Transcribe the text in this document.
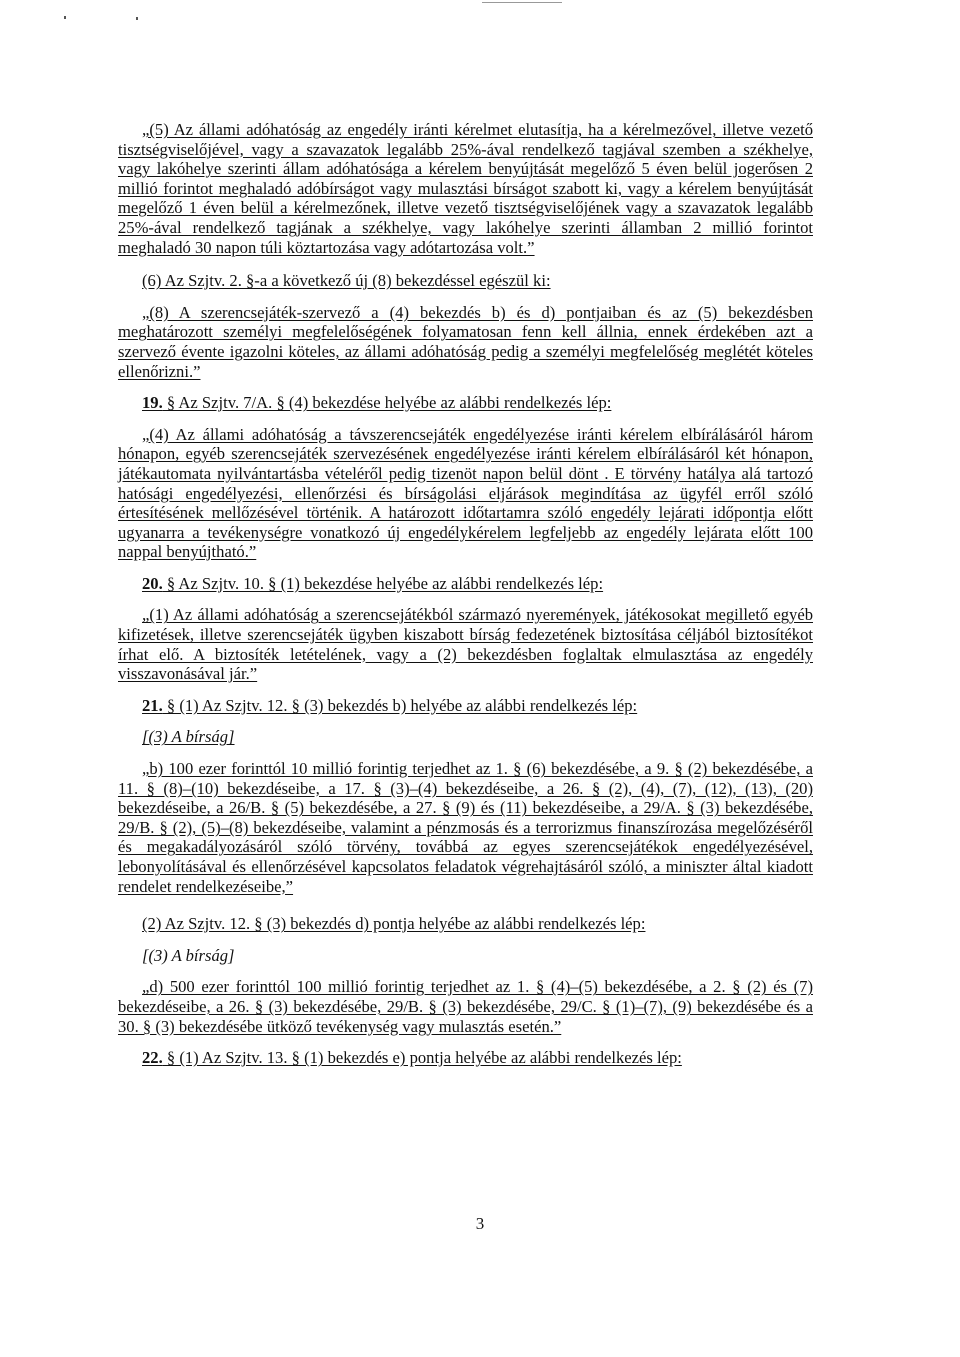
„(5) Az állami adóhatóság az engedély iránti kérelmet elutasítja, ha a kérelmezővel, illetve vezető tisztségviselőjével, vagy a szavazatok legalább 25%-ával rendelkező tagjával szemben a székhelye, vagy lakóhelye szerinti állam adóhatósága a kérelem benyújtását megelőző 5 éven belül jogerősen 2 millió forintot meghaladó adóbírságot vagy mulasztási bírságot szabott ki, vagy a kérelem benyújtását megelőző 1 éven belül a kérelmezőnek, illetve vezető tisztségviselőjének vagy a szavazatok legalább 25%-ával rendelkező tagjának a székhelye, vagy lakóhelye szerinti államban 2 millió forintot meghaladó 30 napon túli köztartozása vagy adótartozása volt.”

(6) Az Szjtv. 2. §-a a következő új (8) bekezdéssel egészül ki:

„(8) A szerencsejáték-szervező a (4) bekezdés b) és d) pontjaiban és az (5) bekezdésben meghatározott személyi megfelelőségének folyamatosan fenn kell állnia, ennek érdekében azt a szervező évente igazolni köteles, az állami adóhatóság pedig a személyi megfelelőség meglétét köteles ellenőrizni.”

19. § Az Szjtv. 7/A. § (4) bekezdése helyébe az alábbi rendelkezés lép:

„(4) Az állami adóhatóság a távszerencsejáték engedélyezése iránti kérelem elbírálásáról három hónapon, egyéb szerencsejáték szervezésének engedélyezése iránti kérelem elbírálásáról két hónapon, játékautomata nyilvántartásba vételéről pedig tizenöt napon belül dönt . E törvény hatálya alá tartozó hatósági engedélyezési, ellenőrzési és bírságolási eljárások megindítása az ügyfél erről szóló értesítésének mellőzésével történik. A határozott időtartamra szóló engedély lejárati időpontja előtt ugyanarra a tevékenységre vonatkozó új engedélykérelem legfeljebb az engedély lejárata előtt 100 nappal benyújtható.”

20. § Az Szjtv. 10. § (1) bekezdése helyébe az alábbi rendelkezés lép:

„(1) Az állami adóhatóság a szerencsejátékból származó nyeremények, játékosokat megillető egyéb kifizetések, illetve szerencsejáték ügyben kiszabott bírság fedezetének biztosítása céljából biztosítékot írhat elő. A biztosíték letételének, vagy a (2) bekezdésben foglaltak elmulasztása az engedély visszavonásával jár.”

21. § (1) Az Szjtv. 12. § (3) bekezdés b) helyébe az alábbi rendelkezés lép:

[(3) A bírság]

„b) 100 ezer forinttól 10 millió forintig terjedhet az 1. § (6) bekezdésébe, a 9. § (2) bekezdésébe, a 11. § (8)–(10) bekezdéseibe, a 17. § (3)–(4) bekezdéseibe, a 26. § (2), (4), (7), (12), (13), (20) bekezdéseibe, a 26/B. § (5) bekezdésébe, a 27. § (9) és (11) bekezdéseibe, a 29/A. § (3) bekezdésébe, 29/B. § (2), (5)–(8) bekezdéseibe, valamint a pénzmosás és a terrorizmus finanszírozása megelőzéséről és megakadályozásáról szóló törvény, továbbá az egyes szerencsejátékok engedélyezésével, lebonyolításával és ellenőrzésével kapcsolatos feladatok végrehajtásáról szóló, a miniszter által kiadott rendelet rendelkezéseibe,”

(2) Az Szjtv. 12. § (3) bekezdés d) pontja helyébe az alábbi rendelkezés lép:

[(3) A bírság]

„d) 500 ezer forinttól 100 millió forintig terjedhet az 1. § (4)–(5) bekezdésébe, a 2. § (2) és (7) bekezdéseibe, a 26. § (3) bekezdésébe, 29/B. § (3) bekezdésébe, 29/C. § (1)–(7), (9) bekezdésébe és a 30. § (3) bekezdésébe ütköző tevékenység vagy mulasztás esetén.”

22. § (1) Az Szjtv. 13. § (1) bekezdés e) pontja helyébe az alábbi rendelkezés lép:

3
